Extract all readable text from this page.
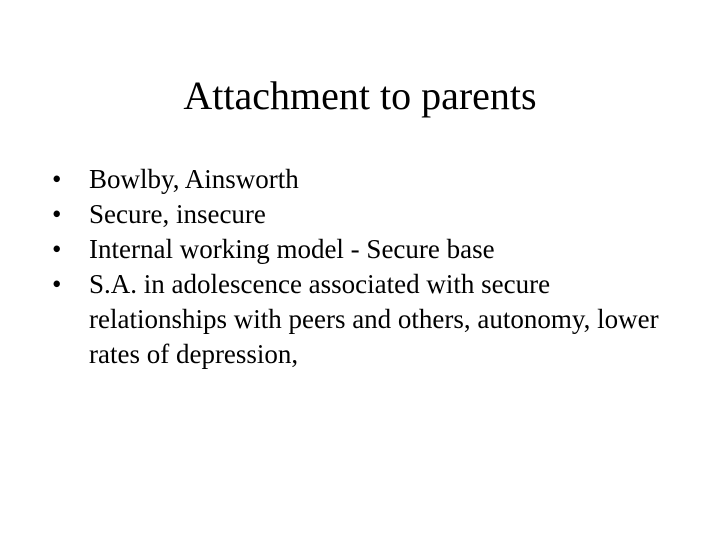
Attachment to parents
•	Bowlby, Ainsworth
•	Secure, insecure
•	Internal working model - Secure base
•	S.A. in adolescence associated with secure relationships with peers and others, autonomy, lower rates of depression,
